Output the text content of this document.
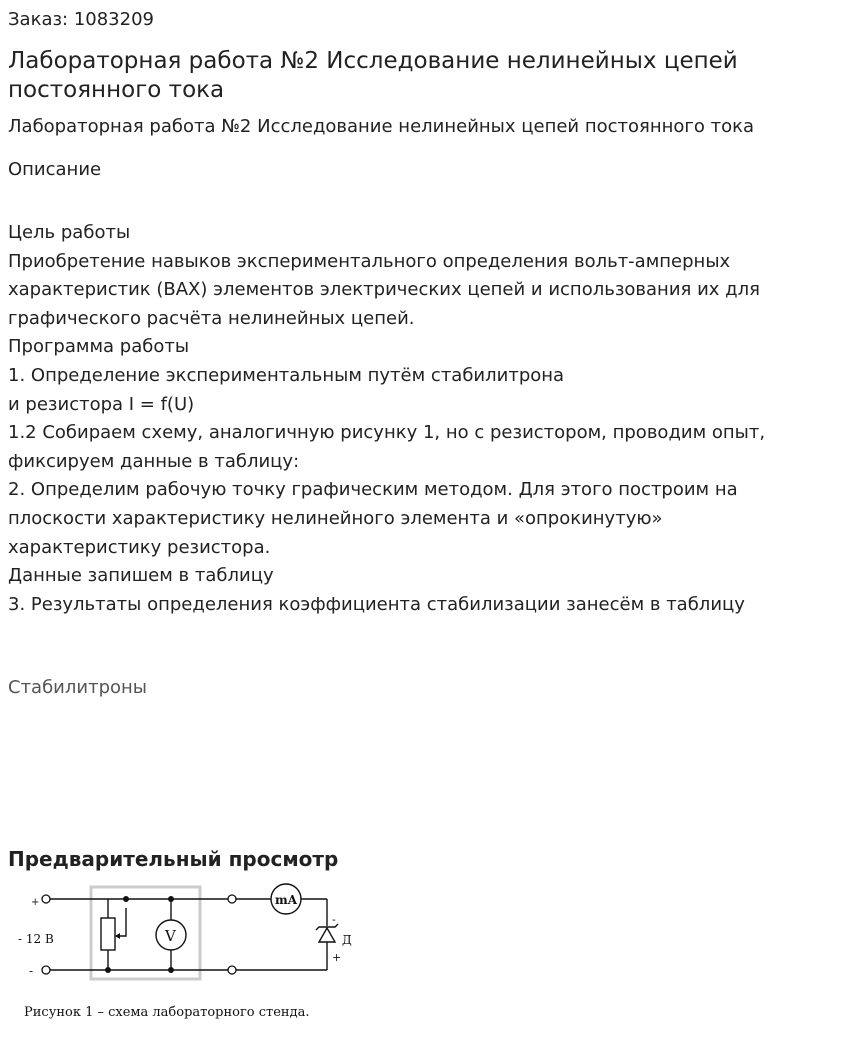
Заказ: 1083209
Лабораторная работа №2 Исследование нелинейных цепей постоянного тока
Лабораторная работа №2 Исследование нелинейных цепей постоянного тока
Описание
Цель работы
Приобретение навыков экспериментального определения вольт-амперных
характеристик (ВАХ) элементов электрических цепей и использования их для
графического расчёта нелинейных цепей.
Программа работы
1. Определение экспериментальным путём стабилитрона
и резистора I = f(U)
1.2 Собираем схему, аналогичную рисунку 1, но с резистором, проводим опыт,
фиксируем данные в таблицу:
2. Определим рабочую точку графическим методом. Для этого построим на
плоскости характеристику нелинейного элемента и «опрокинутую»
характеристику резистора.
Данные запишем в таблицу
3. Результаты определения коэффициента стабилизации занесём в таблицу
Стабилитроны
Предварительный просмотр
+
- 12 В
-
V
mA
Д
-
+
Рисунок 1 – схема лабораторного стенда.
